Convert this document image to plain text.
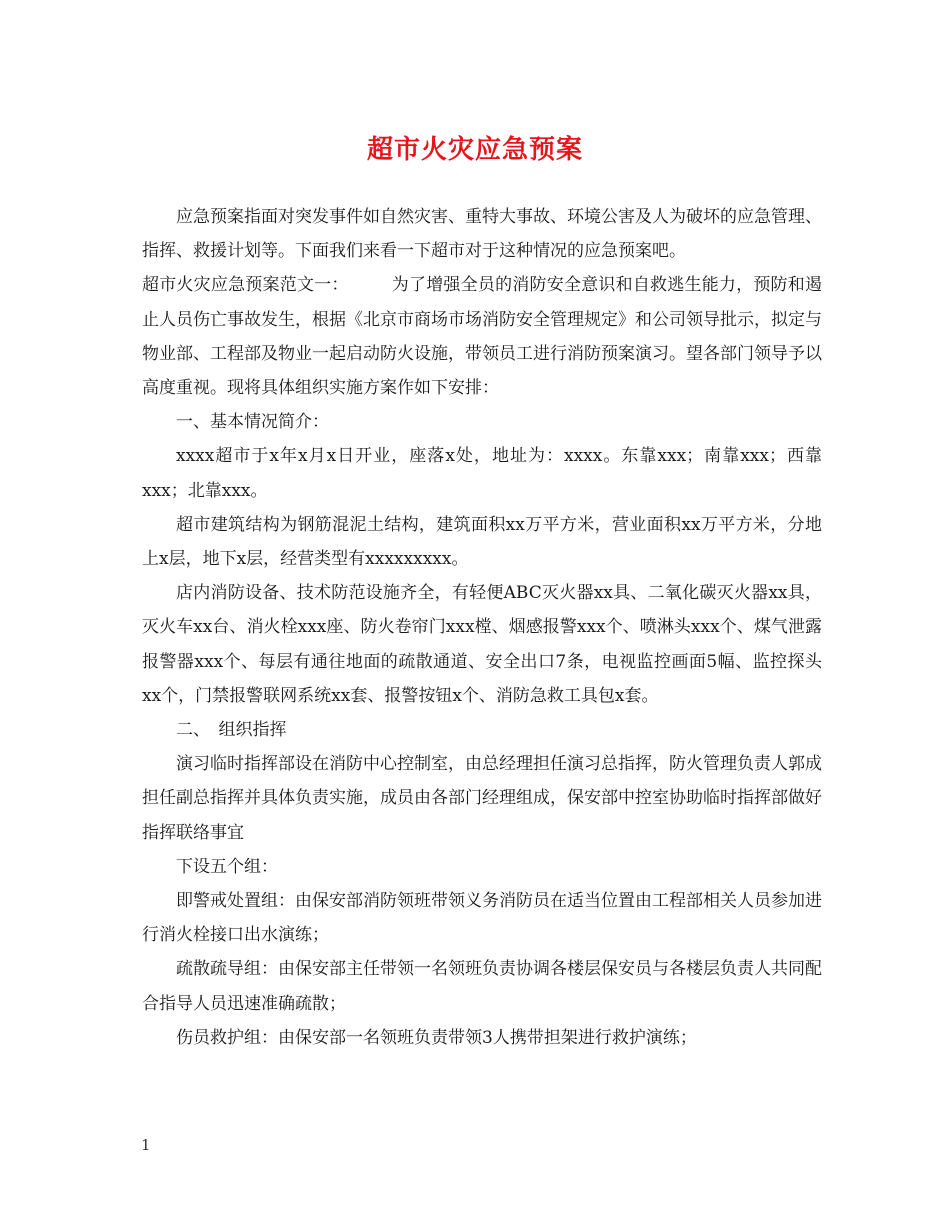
超市火灾应急预案

应急预案指面对突发事件如自然灾害、重特大事故、环境公害及人为破坏的应急管理、指挥、救援计划等。下面我们来看一下超市对于这种情况的应急预案吧。

超市火灾应急预案范文一：　　　为了增强全员的消防安全意识和自救逃生能力，预防和遏止人员伤亡事故发生，根据《北京市商场市场消防安全管理规定》和公司领导批示，拟定与物业部、工程部及物业一起启动防火设施，带领员工进行消防预案演习。望各部门领导予以高度重视。现将具体组织实施方案作如下安排：

一、基本情况简介：

xxxx超市于x年x月x日开业，座落x处，地址为：xxxx。东靠xxx；南靠xxx；西靠xxx；北靠xxx。

超市建筑结构为钢筋混泥土结构，建筑面积xx万平方米，营业面积xx万平方米，分地上x层，地下x层，经营类型有xxxxxxxxx。

店内消防设备、技术防范设施齐全，有轻便ABC灭火器xx具、二氧化碳灭火器xx具，灭火车xx台、消火栓xxx座、防火卷帘门xxx樘、烟感报警xxx个、喷淋头xxx个、煤气泄露报警器xxx个、每层有通往地面的疏散通道、安全出口7条，电视监控画面5幅、监控探头xx个，门禁报警联网系统xx套、报警按钮x个、消防急救工具包x套。

二、　组织指挥

演习临时指挥部设在消防中心控制室，由总经理担任演习总指挥，防火管理负责人郭成担任副总指挥并具体负责实施，成员由各部门经理组成，保安部中控室协助临时指挥部做好指挥联络事宜

下设五个组：

即警戒处置组：由保安部消防领班带领义务消防员在适当位置由工程部相关人员参加进行消火栓接口出水演练；

疏散疏导组：由保安部主任带领一名领班负责协调各楼层保安员与各楼层负责人共同配合指导人员迅速准确疏散；

伤员救护组：由保安部一名领班负责带领3人携带担架进行救护演练；

1
